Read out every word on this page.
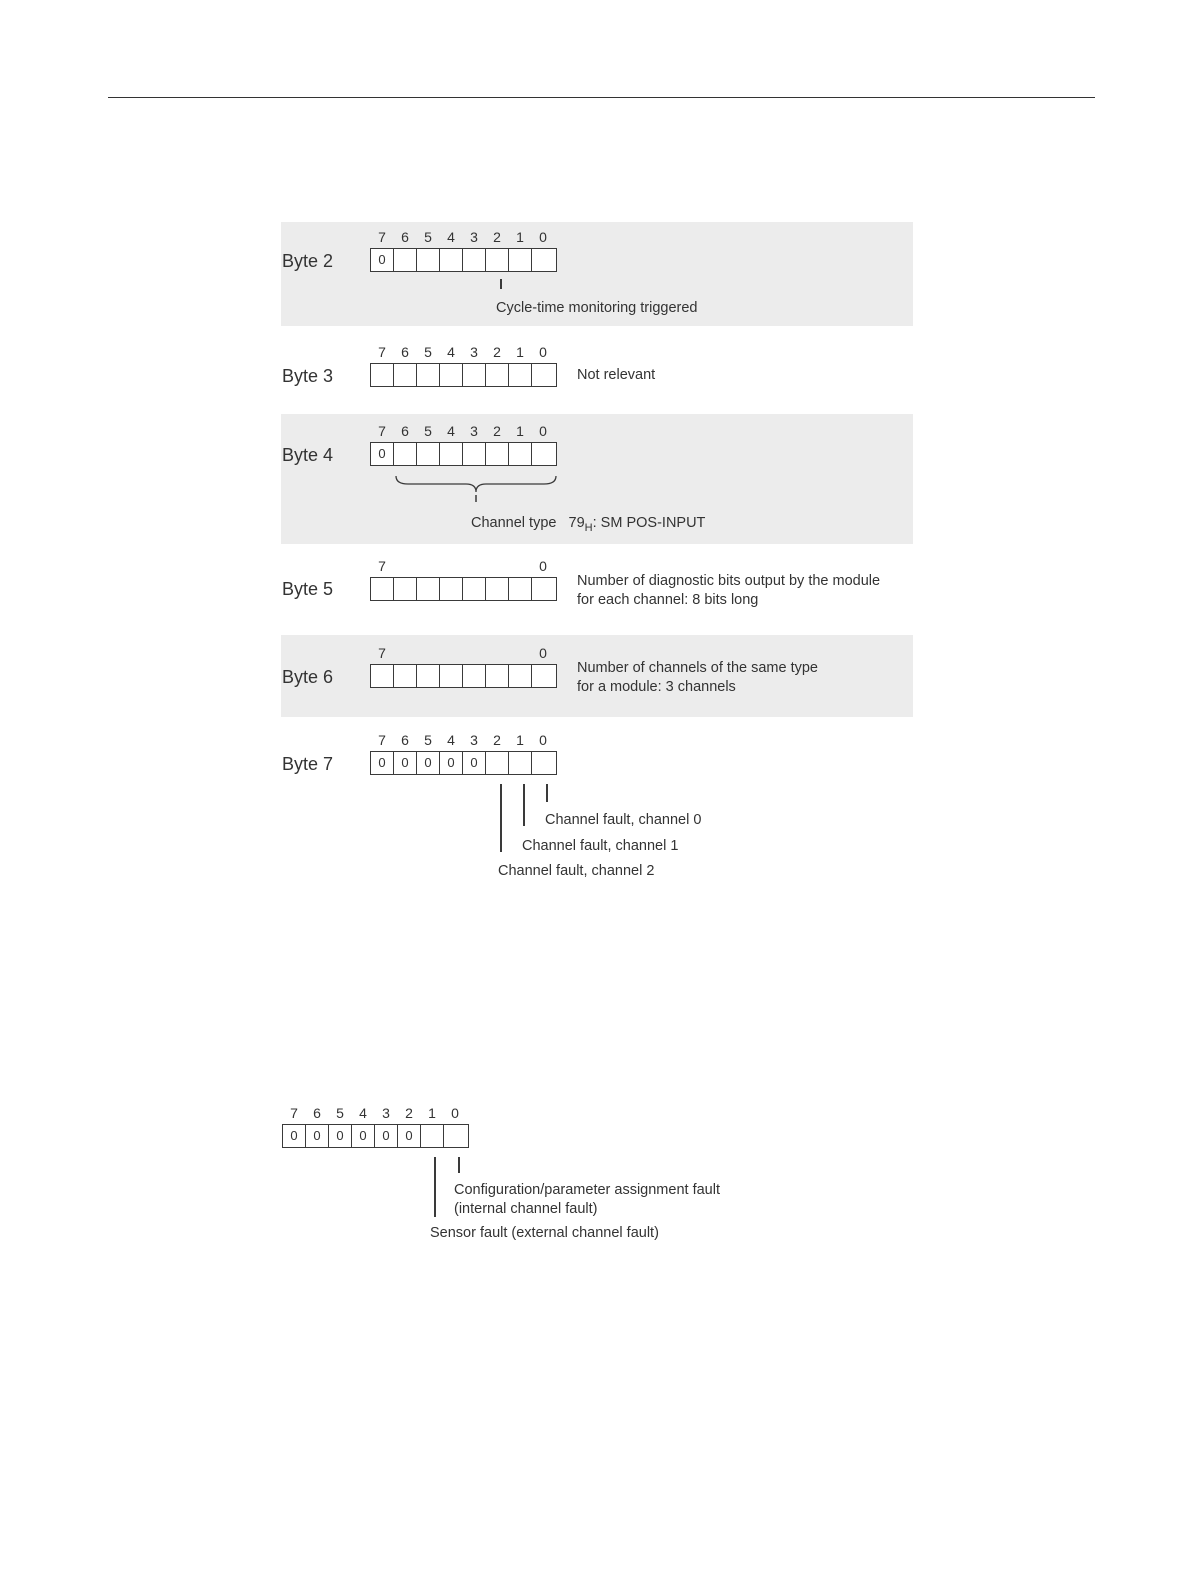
Byte 2	0
Cycle-time monitoring triggered
Byte 3	Not relevant
Byte 4	0
Channel type   $79_H$: SM POS-INPUT
Byte 5	Number of diagnostic bits output by the module
for each channel: 8 bits long
Byte 6	Number of channels of the same type
for a module: 3 channels
Byte 7	0	0	0	0	0
Channel fault, channel 0
Channel fault, channel 1
Channel fault, channel 2
0	0	0	0	0	0
Configuration/parameter assignment fault
(internal channel fault)
Sensor fault (external channel fault)
7 6 5 4 3 2 1 0
7 6 5 4 3 2 1 0
7 6 5 4 3 2 1 0
7	0
7	0
7 6 5 4 3 2 1 0
7 6 5 4 3 2 1 0
